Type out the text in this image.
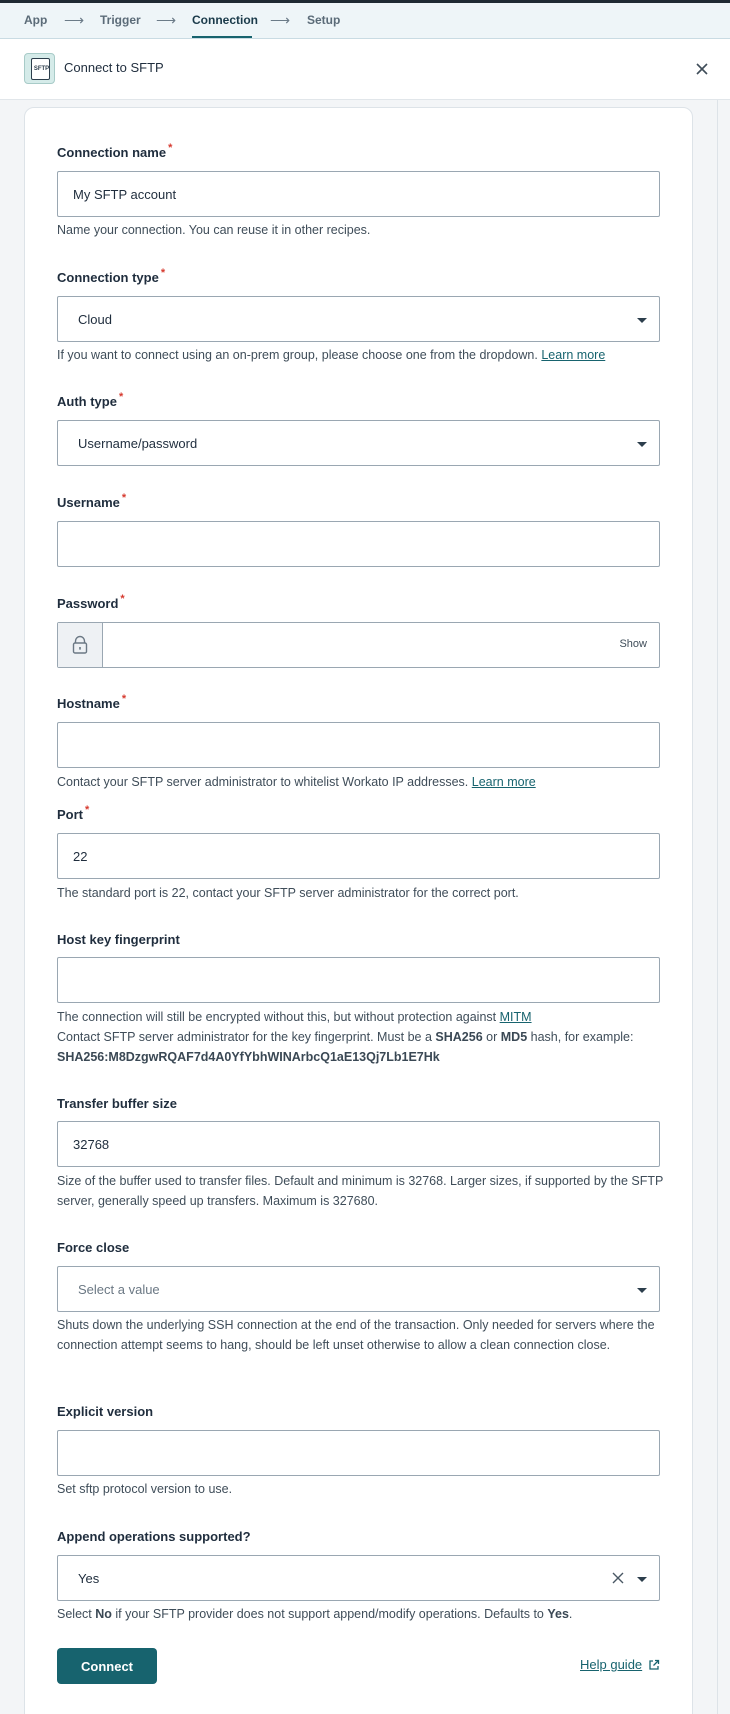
App ⟶ Trigger ⟶ Connection ⟶ Setup
SFTP Connect to SFTP
Connection name *
My SFTP account
Name your connection. You can reuse it in other recipes.
Connection type *
Cloud
If you want to connect using an on-prem group, please choose one from the dropdown. Learn more
Auth type *
Username/password
Username *
Password *
Show
Hostname *
Contact your SFTP server administrator to whitelist Workato IP addresses. Learn more
Port *
22
The standard port is 22, contact your SFTP server administrator for the correct port.
Host key fingerprint
The connection will still be encrypted without this, but without protection against MITM
Contact SFTP server administrator for the key fingerprint. Must be a SHA256 or MD5 hash, for example:
SHA256:M8DzgwRQAF7d4A0YfYbhWINArbcQ1aE13Qj7Lb1E7Hk
Transfer buffer size
32768
Size of the buffer used to transfer files. Default and minimum is 32768. Larger sizes, if supported by the SFTP server, generally speed up transfers. Maximum is 327680.
Force close
Select a value
Shuts down the underlying SSH connection at the end of the transaction. Only needed for servers where the connection attempt seems to hang, should be left unset otherwise to allow a clean connection close.
Explicit version
Set sftp protocol version to use.
Append operations supported?
Yes
Select No if your SFTP provider does not support append/modify operations. Defaults to Yes.
Connect	Help guide
